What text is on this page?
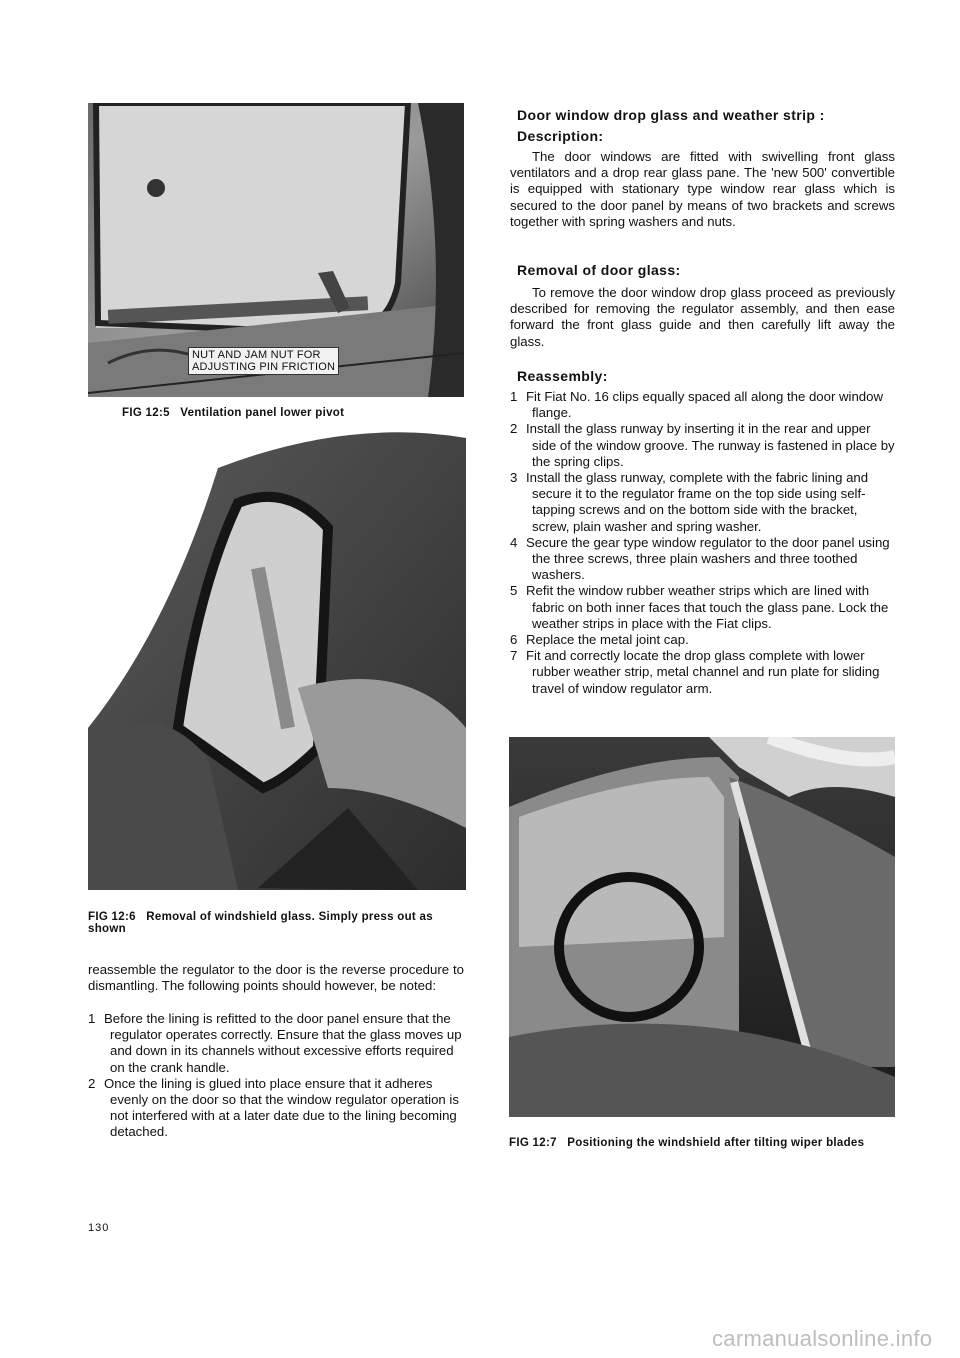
NUT AND JAM NUT FOR
ADJUSTING PIN FRICTION
FIG 12:5 Ventilation panel lower pivot
FIG 12:6 Removal of windshield glass. Simply press out as shown

reassemble the regulator to the door is the reverse procedure to dismantling. The following points should however, be noted:

1 Before the lining is refitted to the door panel ensure that the regulator operates correctly. Ensure that the glass moves up and down in its channels without excessive efforts required on the crank handle.
2 Once the lining is glued into place ensure that it adheres evenly on the door so that the window regulator operation is not interfered with at a later date due to the lining becoming detached.
Door window drop glass and weather strip :
Description:

The door windows are fitted with swivelling front glass ventilators and a drop rear glass pane. The 'new 500' convertible is equipped with stationary type window rear glass which is secured to the door panel by means of two brackets and screws together with spring washers and nuts.

Removal of door glass:

To remove the door window drop glass proceed as previously described for removing the regulator assembly, and then ease forward the front glass guide and then carefully lift away the glass.

Reassembly:
1 Fit Fiat No. 16 clips equally spaced all along the door window flange.
2 Install the glass runway by inserting it in the rear and upper side of the window groove. The runway is fastened in place by the spring clips.
3 Install the glass runway, complete with the fabric lining and secure it to the regulator frame on the top side using self-tapping screws and on the bottom side with the bracket, screw, plain washer and spring washer.
4 Secure the gear type window regulator to the door panel using the three screws, three plain washers and three toothed washers.
5 Refit the window rubber weather strips which are lined with fabric on both inner faces that touch the glass pane. Lock the weather strips in place with the Fiat clips.
6 Replace the metal joint cap.
7 Fit and correctly locate the drop glass complete with lower rubber weather strip, metal channel and run plate for sliding travel of window regulator arm.
FIG 12:7 Positioning the windshield after tilting wiper blades
130
carmanualsonline.info
